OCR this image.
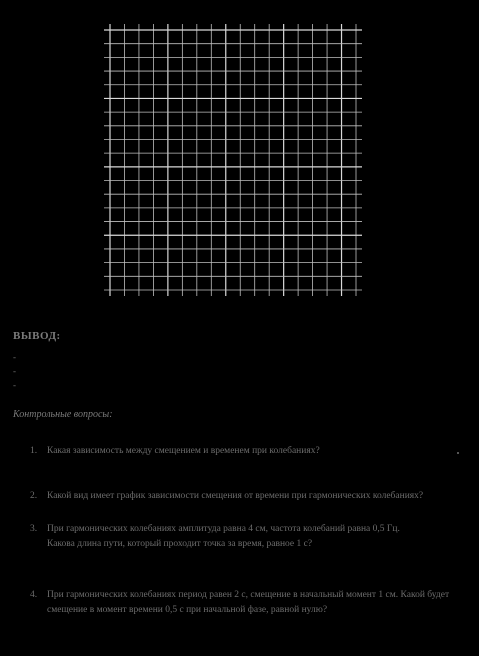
ВЫВОД:
-
-
-
Контрольные вопросы:
1. Какая зависимость между смещением и временем при колебаниях?
2. Какой вид имеет график зависимости смещения от времени при гармонических колебаниях?
3. При гармонических колебаниях амплитуда равна 4 см, частота колебаний равна 0,5 Гц.
Какова длина пути, который проходит точка за время, равное 1 с?
4. При гармонических колебаниях период равен 2 с, смещение в начальный момент 1 см. Какой будет
смещение в момент времени 0,5 с при начальной фазе, равной нулю?
